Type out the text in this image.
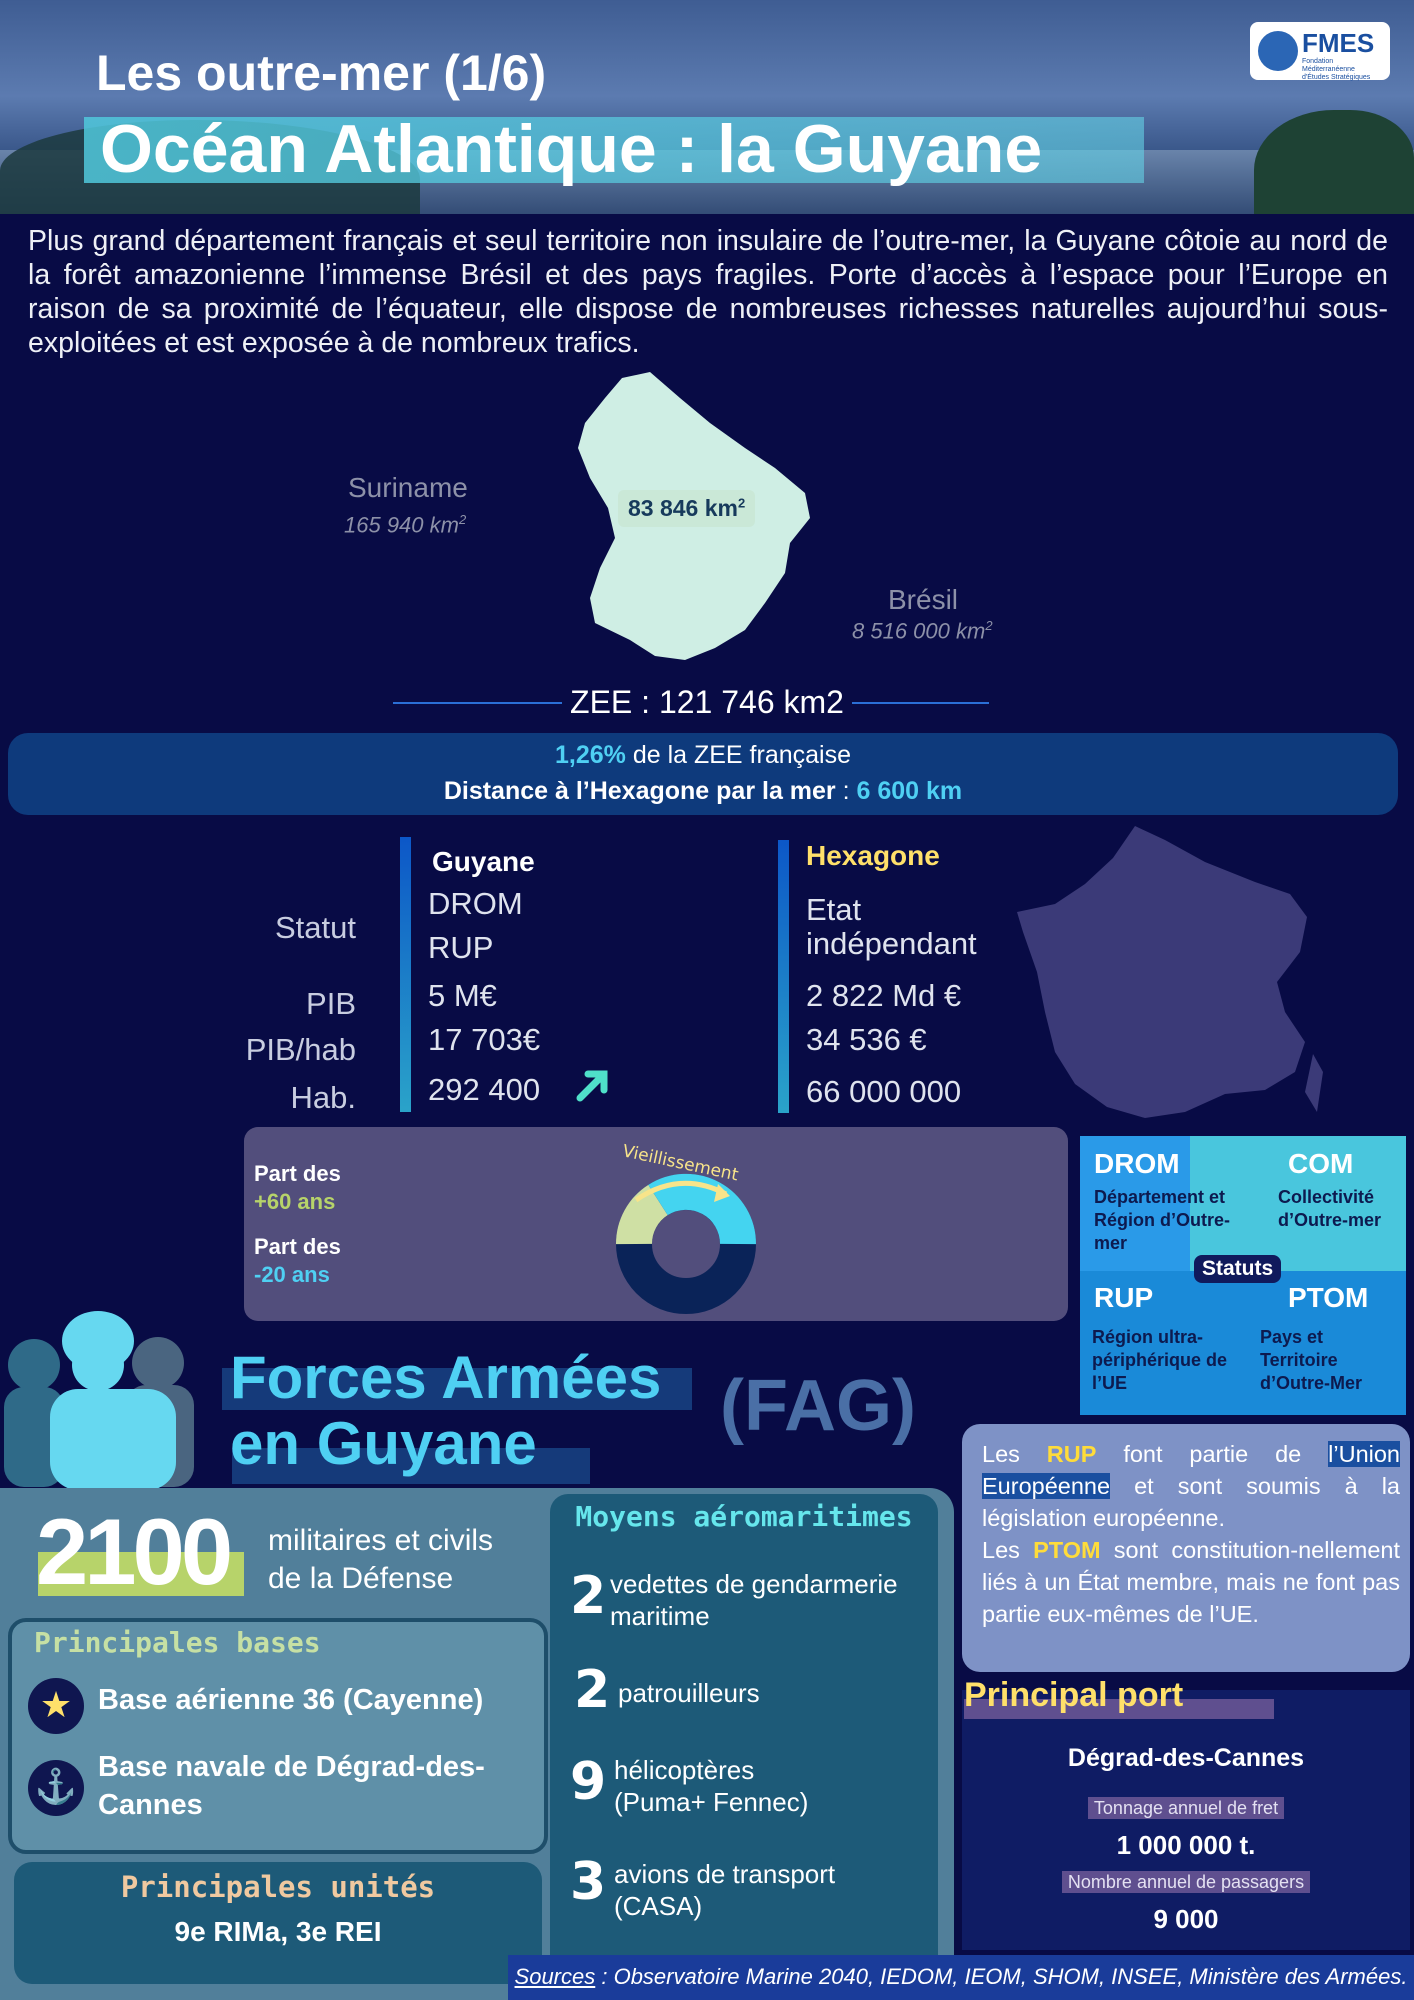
Les outre-mer (1/6)
Océan Atlantique : la Guyane
FMES
Fondation Méditerranéenne d'Études Stratégiques
Plus grand département français et seul territoire non insulaire de l’outre-mer, la Guyane côtoie au nord de la forêt amazonienne l’immense Brésil et des pays fragiles. Porte d’accès à l’espace pour l’Europe en raison de sa proximité de l’équateur, elle dispose de nombreuses richesses naturelles aujourd’hui sous-exploitées et est exposée à de nombreux trafics.
83 846 $km^2$
Suriname
165 940 $km^2$
Brésil
8 516 000 $km^2$
ZEE : 121 746 km2
1,26% de la ZEE française
Distance à l’Hexagone par la mer : 6 600 km
Statut
PIB
PIB/hab
Hab.
Guyane
DROM
RUP
5 M€
17 703€
292 400
Hexagone
Etat
indépendant
2 822 Md €
34 536 €
66 000 000
Part des
+60 ans
Part des
-20 ans
Vieillissement	DROM
Département et Région d’Outre-mer
COM
Collectivité d’Outre-mer
Statuts
RUP
Région ultra-périphérique de l’UE
PTOM
Pays et Territoire d’Outre-Mer
Forces Armées
en Guyane	(FAG)
2100 militaires et civils de la Défense
Principales bases
★ Base aérienne 36 (Cayenne)
⚓
Base navale de Dégrad-des-Cannes
Principales unités
9e RIMa, 3e REI
Moyens aéromaritimes
2 vedettes de gendarmerie maritime
2 patrouilleurs
9 hélicoptères (Puma+ Fennec)
3 avions de transport (CASA)
Les RUP font partie de l’Union Européenne et sont soumis à la législation européenne.
Les PTOM sont constitution-nellement liés à un État membre, mais ne font pas partie eux-mêmes de l’UE.
Principal port
Dégrad-des-Cannes
Tonnage annuel de fret
1 000 000 t.
Nombre annuel de passagers
9 000
Sources : Observatoire Marine 2040, IEDOM, IEOM, SHOM, INSEE, Ministère des Armées.
